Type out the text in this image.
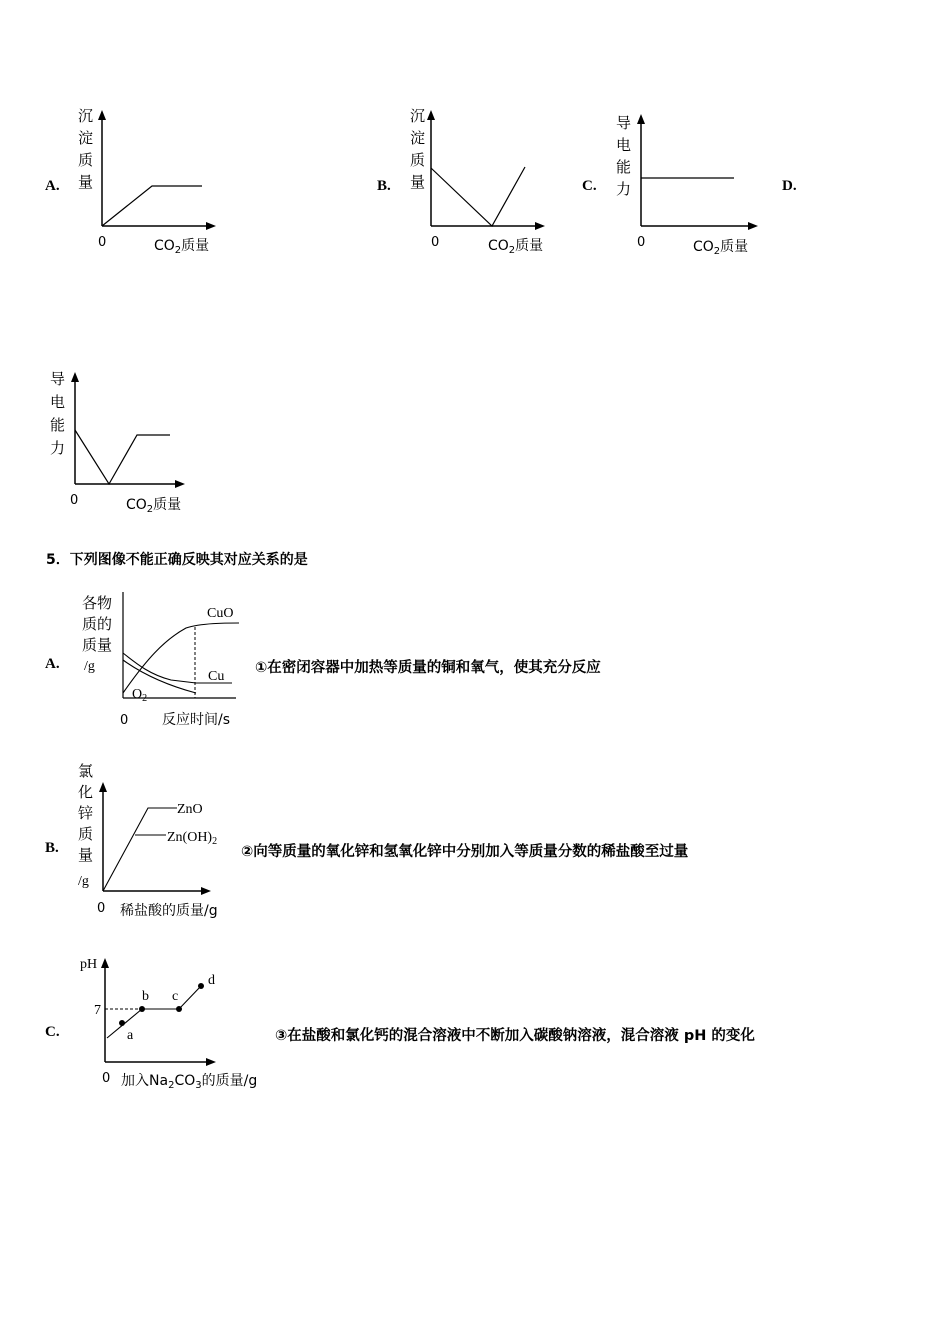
A.	B.	C.	D.
沉
淀
质
量
0	$CO_2$质量
沉
淀
质
量
0	$CO_2$质量
导
电
能
力
0	$CO_2$质量
导
电
能
力
0	$CO_2$质量
5．下列图像不能正确反映其对应关系的是
A.
各物
质的
质量
/g
CuO
Cu
$O_2$
0 反应时间/s
①在密闭容器中加热等质量的铜和氧气，使其充分反应
B.
氯
化
锌
质
量
/g
ZnO
$Zn(OH)_2$
0 稀盐酸的质量/g
②向等质量的氧化锌和氢氧化锌中分别加入等质量分数的稀盐酸至过量
C.
pH
7
a
b c
d
0 加入$Na_2CO_3$的质量/g
③在盐酸和氯化钙的混合溶液中不断加入碳酸钠溶液，混合溶液 pH 的变化
